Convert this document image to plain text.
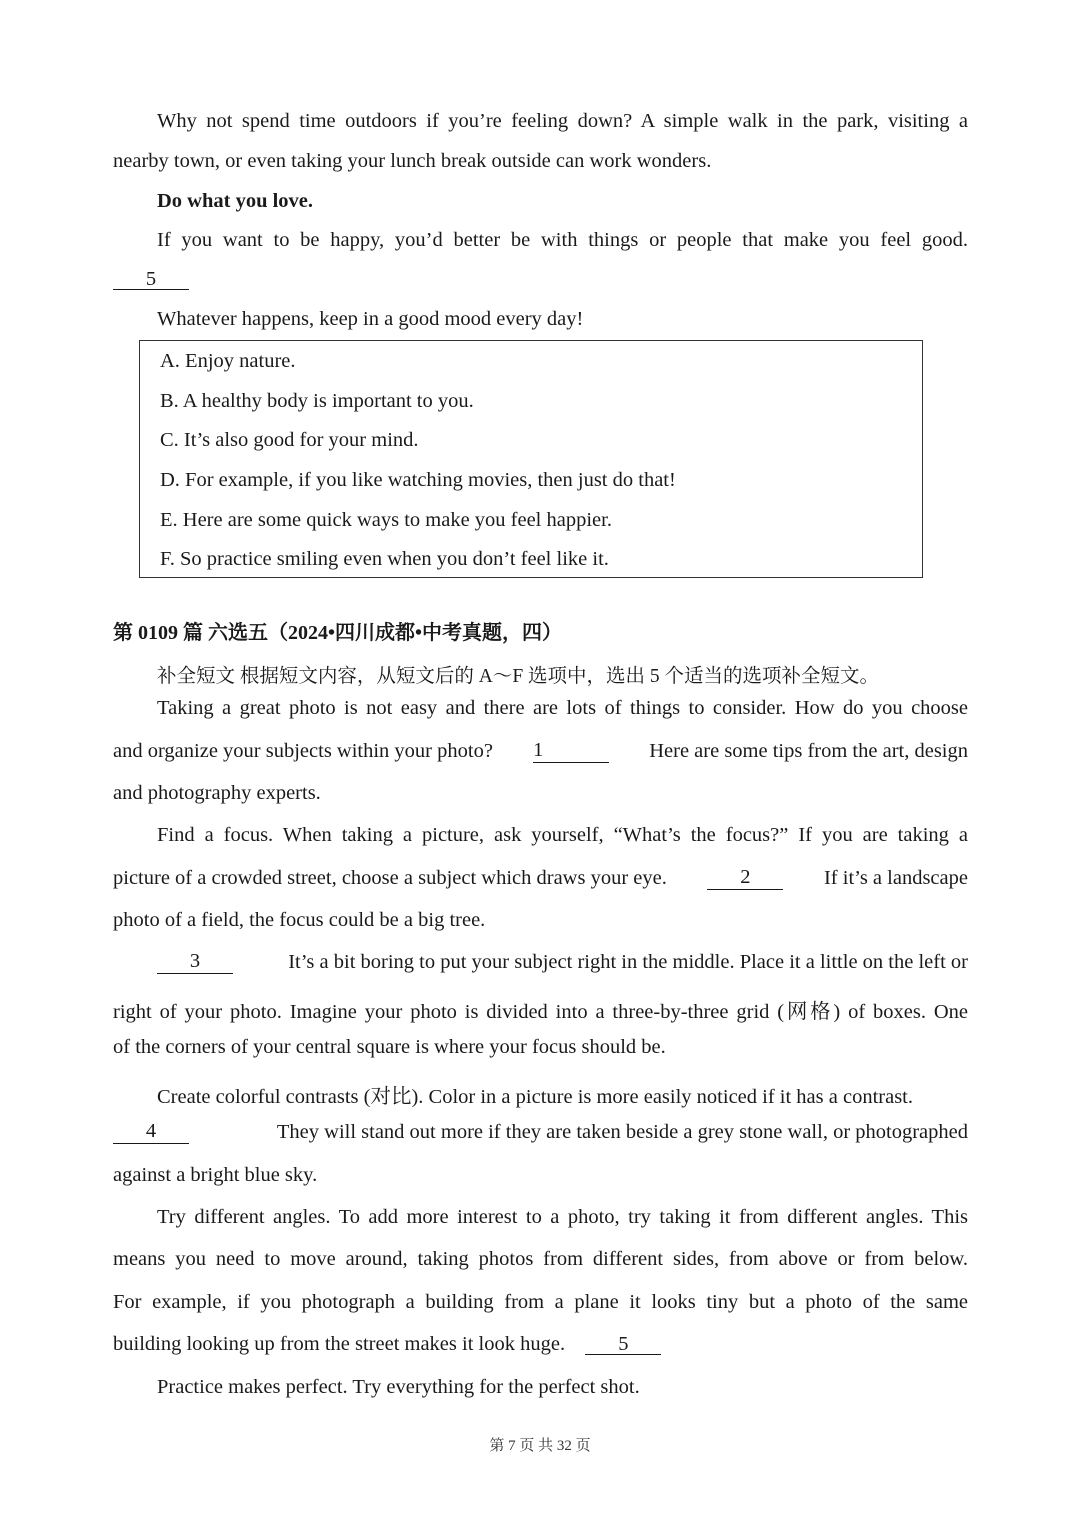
Why not spend time outdoors if you’re feeling down? A simple walk in the park, visiting a
nearby town, or even taking your lunch break outside can work wonders.
Do what you love.
If you want to be happy, you’d better be with things or people that make you feel good.
5
Whatever happens, keep in a good mood every day!
A. Enjoy nature.
B. A healthy body is important to you.
C. It’s also good for your mind.
D. For example, if you like watching movies, then just do that!
E. Here are some quick ways to make you feel happier.
F. So practice smiling even when you don’t feel like it.
第 0109 篇 六选五（2024•四川成都•中考真题，四）
补全短文 根据短文内容，从短文后的 A～F 选项中，选出 5 个适当的选项补全短文。
Taking a great photo is not easy and there are lots of things to consider. How do you choose
and organize your subjects within your photo? 1	Here are some tips from the art, design
and photography experts.
Find a focus. When taking a picture, ask yourself, “What’s the focus?” If you are taking a
picture of a crowded street, choose a subject which draws your eye.	2	If it’s a landscape
photo of a field, the focus could be a big tree.
3	It’s a bit boring to put your subject right in the middle. Place it a little on the left or
right of your photo. Imagine your photo is divided into a three-by-three grid (网格) of boxes. One
of the corners of your central square is where your focus should be.
Create colorful contrasts (对比). Color in a picture is more easily noticed if it has a contrast.
4	They will stand out more if they are taken beside a grey stone wall, or photographed
against a bright blue sky.
Try different angles. To add more interest to a photo, try taking it from different angles. This
means you need to move around, taking photos from different sides, from above or from below.
For example, if you photograph a building from a plane it looks tiny but a photo of the same
building looking up from the street makes it look huge.	5
Practice makes perfect. Try everything for the perfect shot.
第 7 页 共 32 页
